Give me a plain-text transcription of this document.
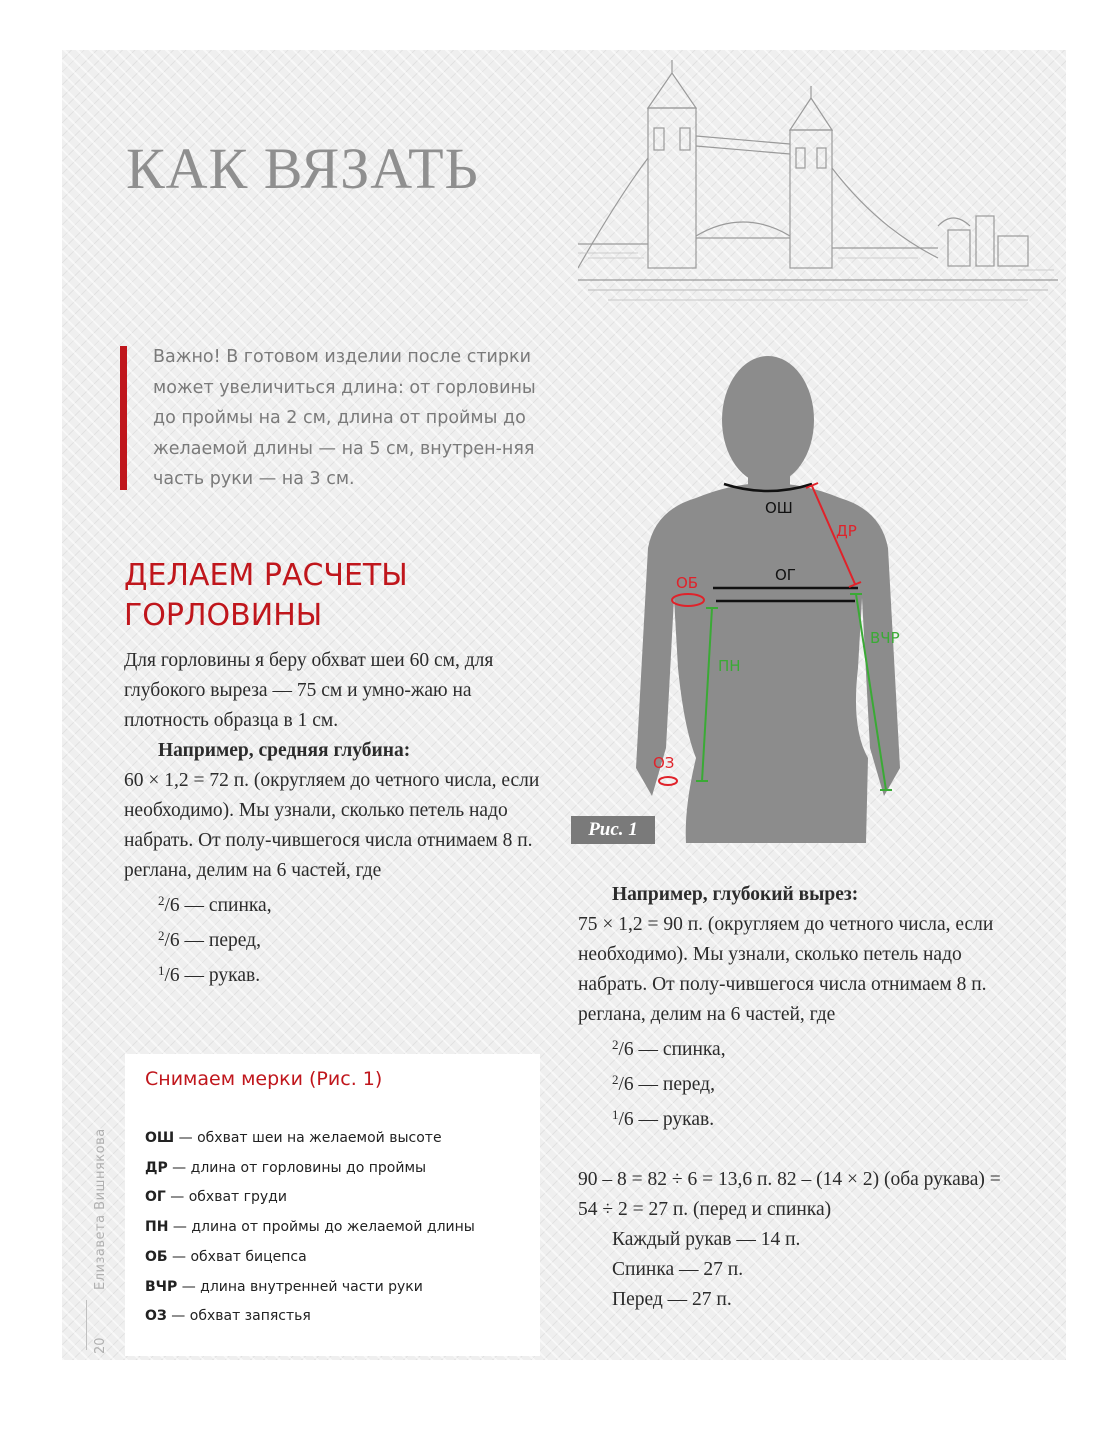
КАК ВЯЗАТЬ
Важно! В готовом изделии после стирки может увеличиться длина: от горловины до проймы на 2 см, длина от проймы до желаемой длины — на 5 см, внутрен-няя часть руки — на 3 см.
ДЕЛАЕМ РАСЧЕТЫ
ГОРЛОВИНЫ
Для горловины я беру обхват шеи 60 см, для глубокого выреза — 75 см и умно-жаю на плотность образца в 1 см.
Например, средняя глубина:
60 × 1,2 = 72 п. (округляем до четного числа, если необходимо). Мы узнали, сколько петель надо набрать. От полу-чившегося числа отнимаем 8 п. реглана, делим на 6 частей, где
$^2$/6 — спинка,
$^2$/6 — перед,
$^1$/6 — рукав.
ОШ
ДР
ОГ
ОБ
ВЧР
ПН
ОЗ
Рис. 1
Например, глубокий вырез:
75 × 1,2 = 90 п. (округляем до четного числа, если необходимо). Мы узнали, сколько петель надо набрать. От полу-чившегося числа отнимаем 8 п. реглана, делим на 6 частей, где
$^2$/6 — спинка,
$^2$/6 — перед,
$^1$/6 — рукав.
90 – 8 = 82 ÷ 6 = 13,6 п. 82 – (14 × 2) (оба рукава) = 54 ÷ 2 = 27 п. (перед и спинка)
Каждый рукав — 14 п.
Спинка — 27 п.
Перед — 27 п.
Снимаем мерки (Рис. 1)
ОШ — обхват шеи на желаемой высоте
ДР — длина от горловины до проймы
ОГ — обхват груди
ПН — длина от проймы до желаемой длины
ОБ — обхват бицепса
ВЧР — длина внутренней части руки
ОЗ — обхват запястья
Елизавета Вишнякова
20
